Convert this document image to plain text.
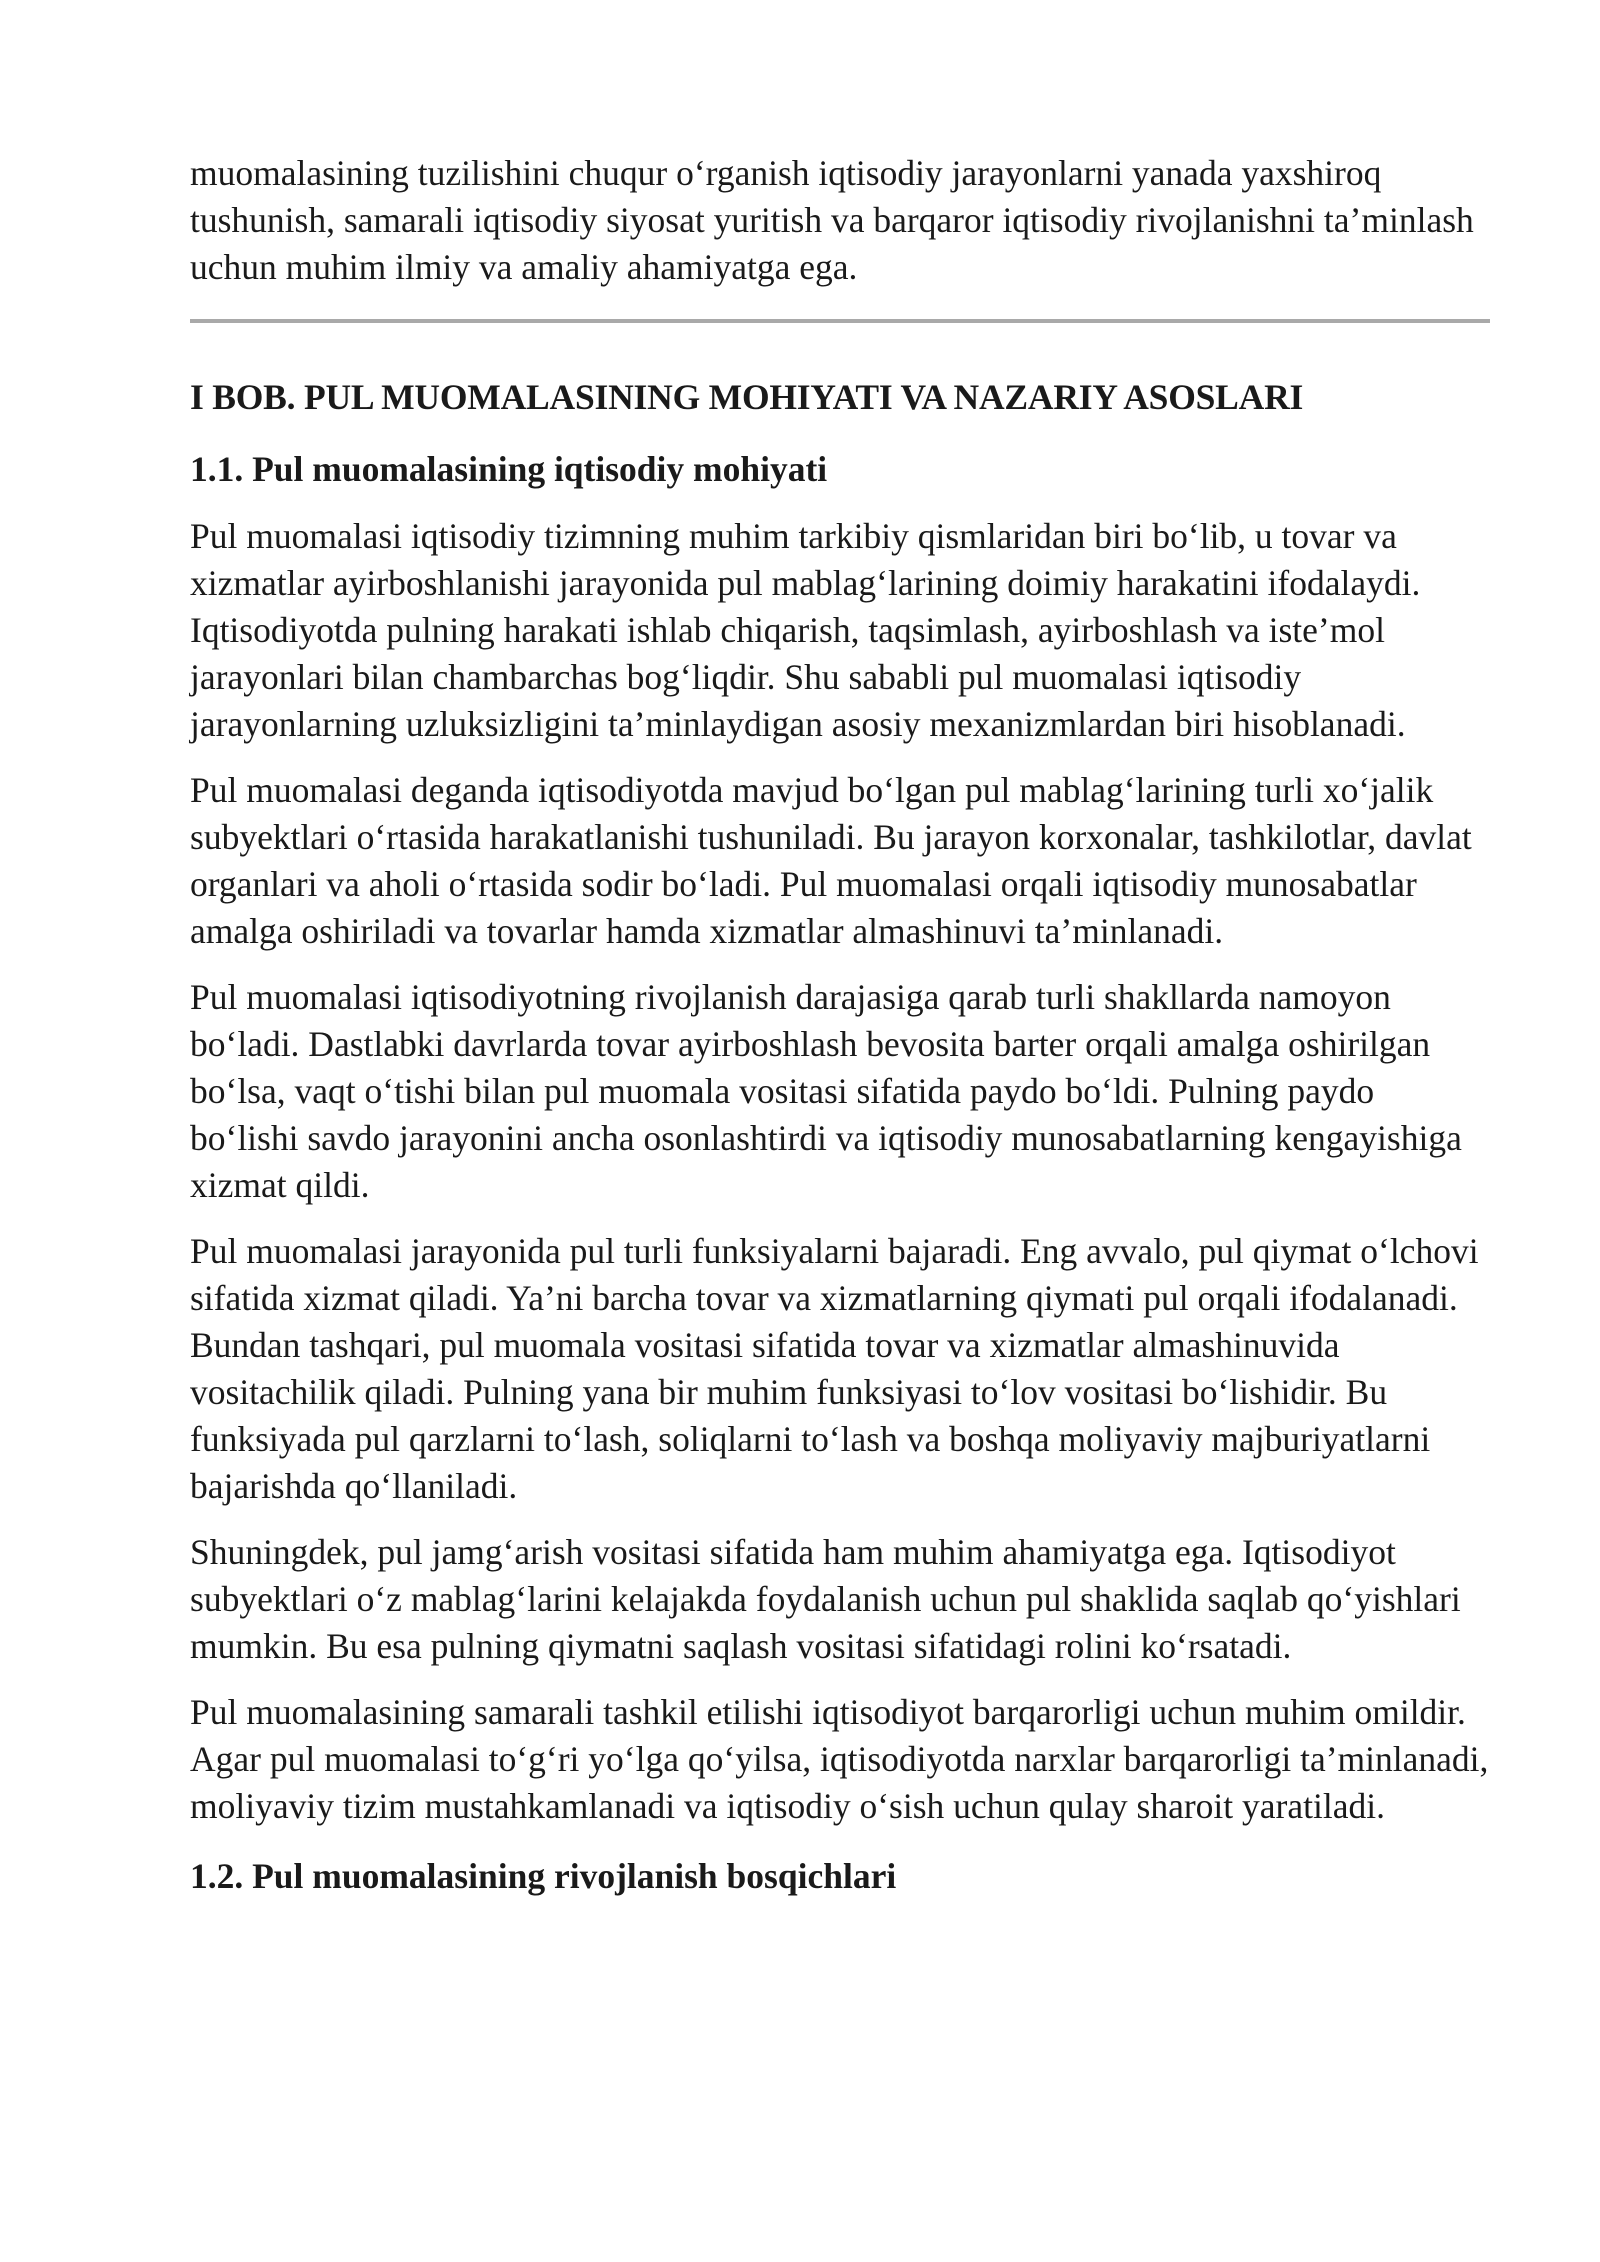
muomalasining tuzilishini chuqur o‘rganish iqtisodiy jarayonlarni yanada yaxshiroq tushunish, samarali iqtisodiy siyosat yuritish va barqaror iqtisodiy rivojlanishni ta’minlash uchun muhim ilmiy va amaliy ahamiyatga ega.

I BOB. PUL MUOMALASINING MOHIYATI VA NAZARIY ASOSLARI
1.1. Pul muomalasining iqtisodiy mohiyati

Pul muomalasi iqtisodiy tizimning muhim tarkibiy qismlaridan biri bo‘lib, u tovar va xizmatlar ayirboshlanishi jarayonida pul mablag‘larining doimiy harakatini ifodalaydi. Iqtisodiyotda pulning harakati ishlab chiqarish, taqsimlash, ayirboshlash va iste’mol jarayonlari bilan chambarchas bog‘liqdir. Shu sababli pul muomalasi iqtisodiy jarayonlarning uzluksizligini ta’minlaydigan asosiy mexanizmlardan biri hisoblanadi.

Pul muomalasi deganda iqtisodiyotda mavjud bo‘lgan pul mablag‘larining turli xo‘jalik subyektlari o‘rtasida harakatlanishi tushuniladi. Bu jarayon korxonalar, tashkilotlar, davlat organlari va aholi o‘rtasida sodir bo‘ladi. Pul muomalasi orqali iqtisodiy munosabatlar amalga oshiriladi va tovarlar hamda xizmatlar almashinuvi ta’minlanadi.

Pul muomalasi iqtisodiyotning rivojlanish darajasiga qarab turli shakllarda namoyon bo‘ladi. Dastlabki davrlarda tovar ayirboshlash bevosita barter orqali amalga oshirilgan bo‘lsa, vaqt o‘tishi bilan pul muomala vositasi sifatida paydo bo‘ldi. Pulning paydo bo‘lishi savdo jarayonini ancha osonlashtirdi va iqtisodiy munosabatlarning kengayishiga xizmat qildi.

Pul muomalasi jarayonida pul turli funksiyalarni bajaradi. Eng avvalo, pul qiymat o‘lchovi sifatida xizmat qiladi. Ya’ni barcha tovar va xizmatlarning qiymati pul orqali ifodalanadi. Bundan tashqari, pul muomala vositasi sifatida tovar va xizmatlar almashinuvida vositachilik qiladi. Pulning yana bir muhim funksiyasi to‘lov vositasi bo‘lishidir. Bu funksiyada pul qarzlarni to‘lash, soliqlarni to‘lash va boshqa moliyaviy majburiyatlarni bajarishda qo‘llaniladi.

Shuningdek, pul jamg‘arish vositasi sifatida ham muhim ahamiyatga ega. Iqtisodiyot subyektlari o‘z mablag‘larini kelajakda foydalanish uchun pul shaklida saqlab qo‘yishlari mumkin. Bu esa pulning qiymatni saqlash vositasi sifatidagi rolini ko‘rsatadi.

Pul muomalasining samarali tashkil etilishi iqtisodiyot barqarorligi uchun muhim omildir. Agar pul muomalasi to‘g‘ri yo‘lga qo‘yilsa, iqtisodiyotda narxlar barqarorligi ta’minlanadi, moliyaviy tizim mustahkamlanadi va iqtisodiy o‘sish uchun qulay sharoit yaratiladi.

1.2. Pul muomalasining rivojlanish bosqichlari
